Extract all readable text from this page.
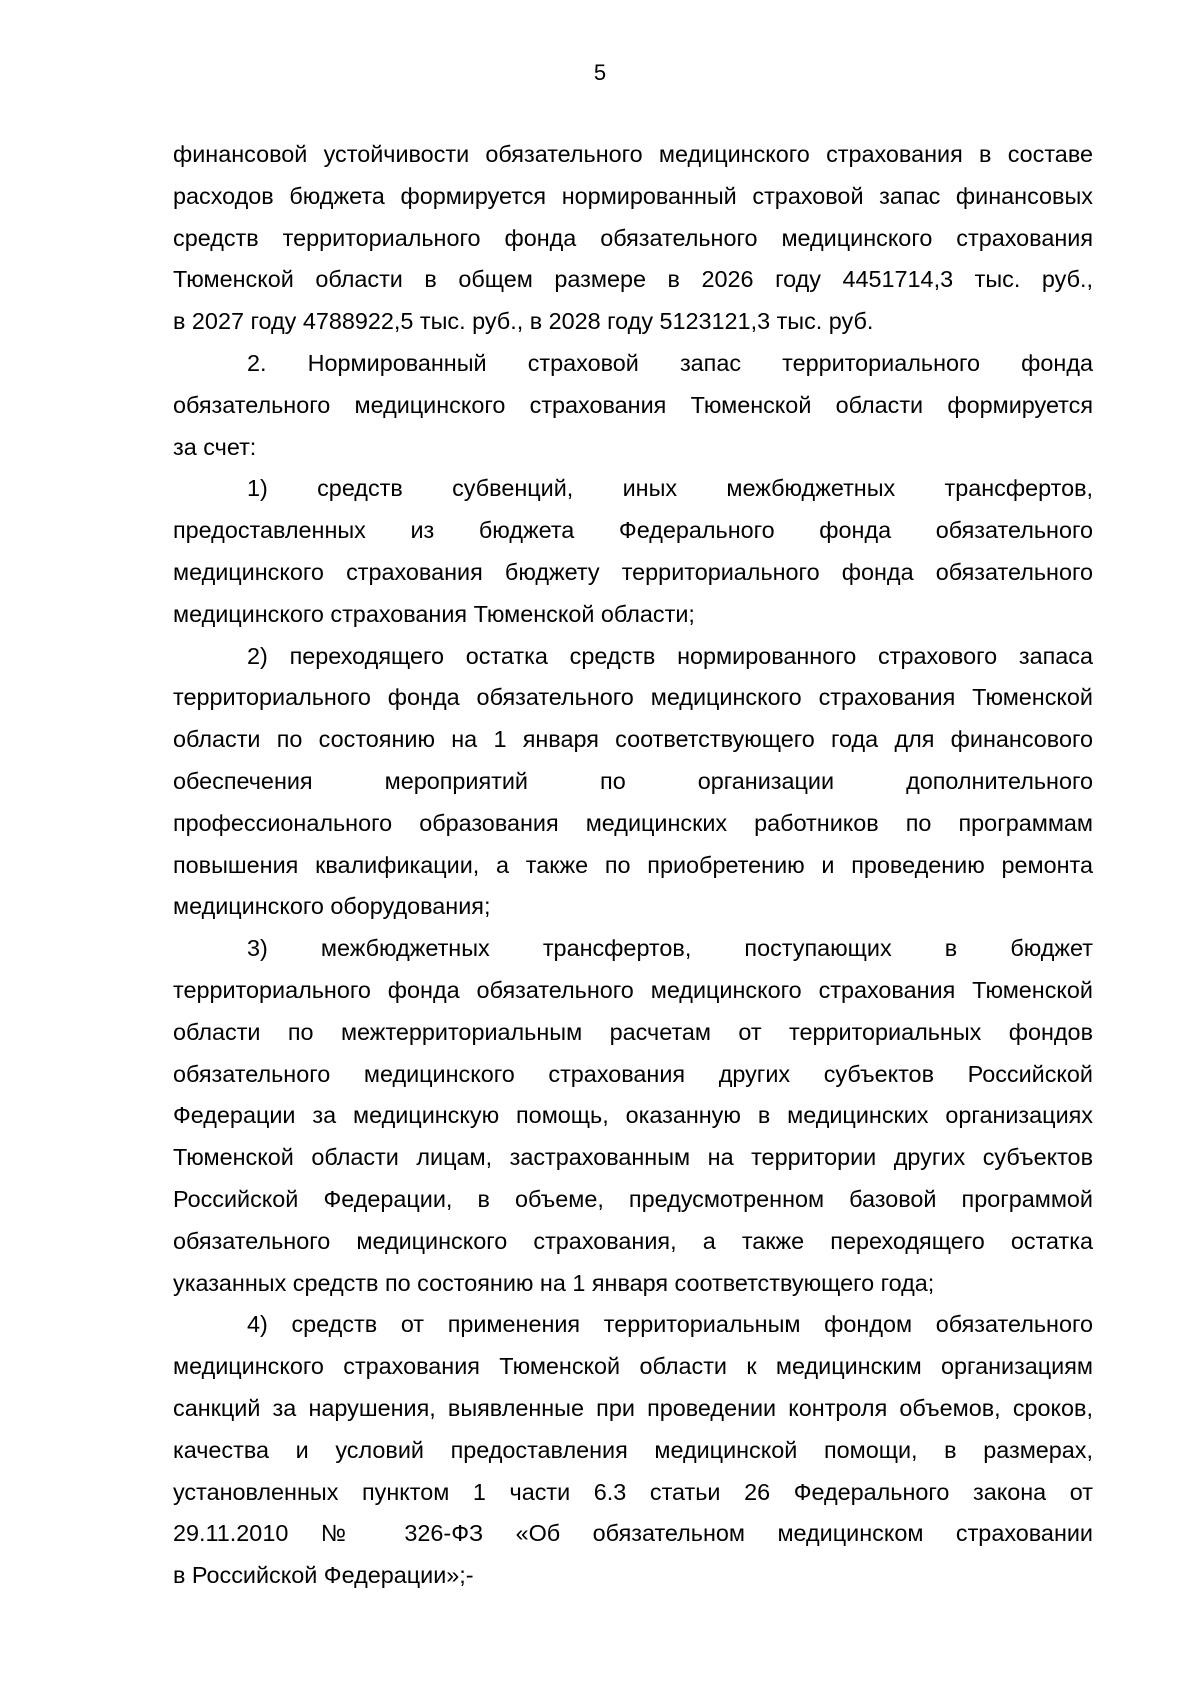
5

финансовой устойчивости обязательного медицинского страхования в составе
расходов бюджета формируется нормированный страховой запас финансовых
средств территориального фонда обязательного медицинского страхования
Тюменской области в общем размере в 2026 году 4451714,3 тыс. руб.,
в 2027 году 4788922,5 тыс. руб., в 2028 году 5123121,3 тыс. руб.

2. Нормированный страховой запас территориального фонда
обязательного медицинского страхования Тюменской области формируется
за счет:

1) средств субвенций, иных межбюджетных трансфертов,
предоставленных из бюджета Федерального фонда обязательного
медицинского страхования бюджету территориального фонда обязательного
медицинского страхования Тюменской области;

2) переходящего остатка средств нормированного страхового запаса
территориального фонда обязательного медицинского страхования Тюменской
области по состоянию на 1 января соответствующего года для финансового
обеспечения мероприятий по организации дополнительного
профессионального образования медицинских работников по программам
повышения квалификации, а также по приобретению и проведению ремонта
медицинского оборудования;

3) межбюджетных трансфертов, поступающих в бюджет
территориального фонда обязательного медицинского страхования Тюменской
области по межтерриториальным расчетам от территориальных фондов
обязательного медицинского страхования других субъектов Российской
Федерации за медицинскую помощь, оказанную в медицинских организациях
Тюменской области лицам, застрахованным на территории других субъектов
Российской Федерации, в объеме, предусмотренном базовой программой
обязательного медицинского страхования, а также переходящего остатка
указанных средств по состоянию на 1 января соответствующего года;

4) средств от применения территориальным фондом обязательного
медицинского страхования Тюменской области к медицинским организациям
санкций за нарушения, выявленные при проведении контроля объемов, сроков,
качества и условий предоставления медицинской помощи, в размерах,
установленных пунктом 1 части 6.3 статьи 26 Федерального закона от
29.11.2010 № 326-ФЗ «Об обязательном медицинском страховании
в Российской Федерации»;-
